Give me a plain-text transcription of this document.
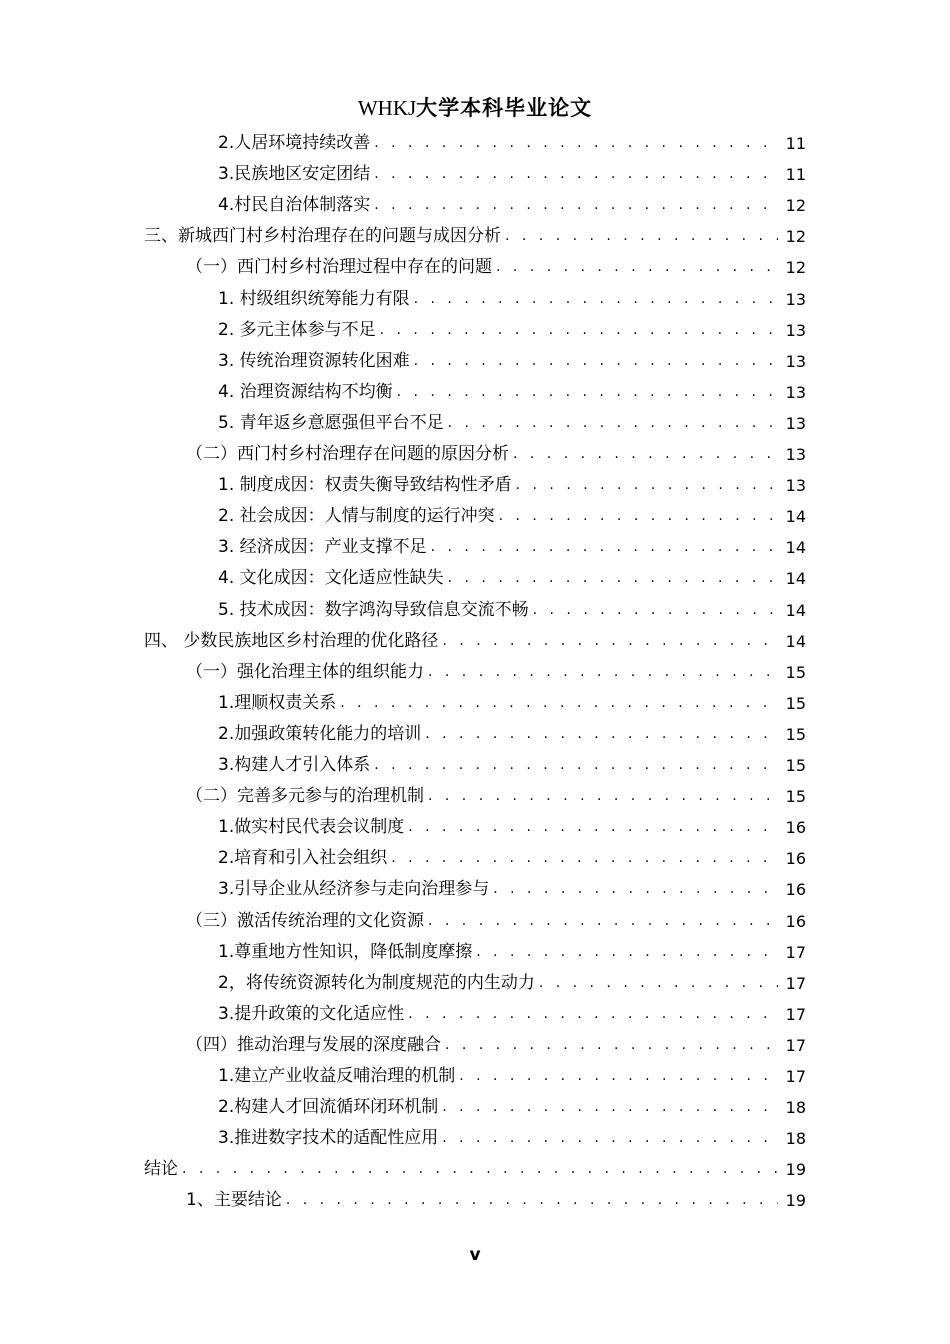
WHKJ大学本科毕业论文
2.人居环境持续改善 . . .	11
3.民族地区安定团结 . . .	11
4.村民自治体制落实 . . .	12
三、新城西门村乡村治理存在的问题与成因分析 . . .	12
（一）西门村乡村治理过程中存在的问题 . . .	12
1. 村级组织统筹能力有限 . . .	13
2. 多元主体参与不足 . . .	13
3. 传统治理资源转化困难 . . .	13
4. 治理资源结构不均衡 . . .	13
5. 青年返乡意愿强但平台不足 . . .	13
（二）西门村乡村治理存在问题的原因分析 . . .	13
1. 制度成因：权责失衡导致结构性矛盾 . . .	13
2. 社会成因：人情与制度的运行冲突 . . .	14
3. 经济成因：产业支撑不足 . . .	14
4. 文化成因：文化适应性缺失 . . .	14
5. 技术成因：数字鸿沟导致信息交流不畅 . . .	14
四、 少数民族地区乡村治理的优化路径 . . .	14
（一）强化治理主体的组织能力 . . .	15
1.理顺权责关系 . . .	15
2.加强政策转化能力的培训 . . .	15
3.构建人才引入体系 . . .	15
（二）完善多元参与的治理机制 . . .	15
1.做实村民代表会议制度 . . .	16
2.培育和引入社会组织 . . .	16
3.引导企业从经济参与走向治理参与 . . .	16
（三）激活传统治理的文化资源 . . .	16
1.尊重地方性知识，降低制度摩擦 . . .	17
2，将传统资源转化为制度规范的内生动力 . . .	17
3.提升政策的文化适应性 . . .	17
（四）推动治理与发展的深度融合 . . .	17
1.建立产业收益反哺治理的机制 . . .	17
2.构建人才回流循环闭环机制 . . .	18
3.推进数字技术的适配性应用 . . .	18
结论 . . .	19
1、主要结论 . . .	19
v
